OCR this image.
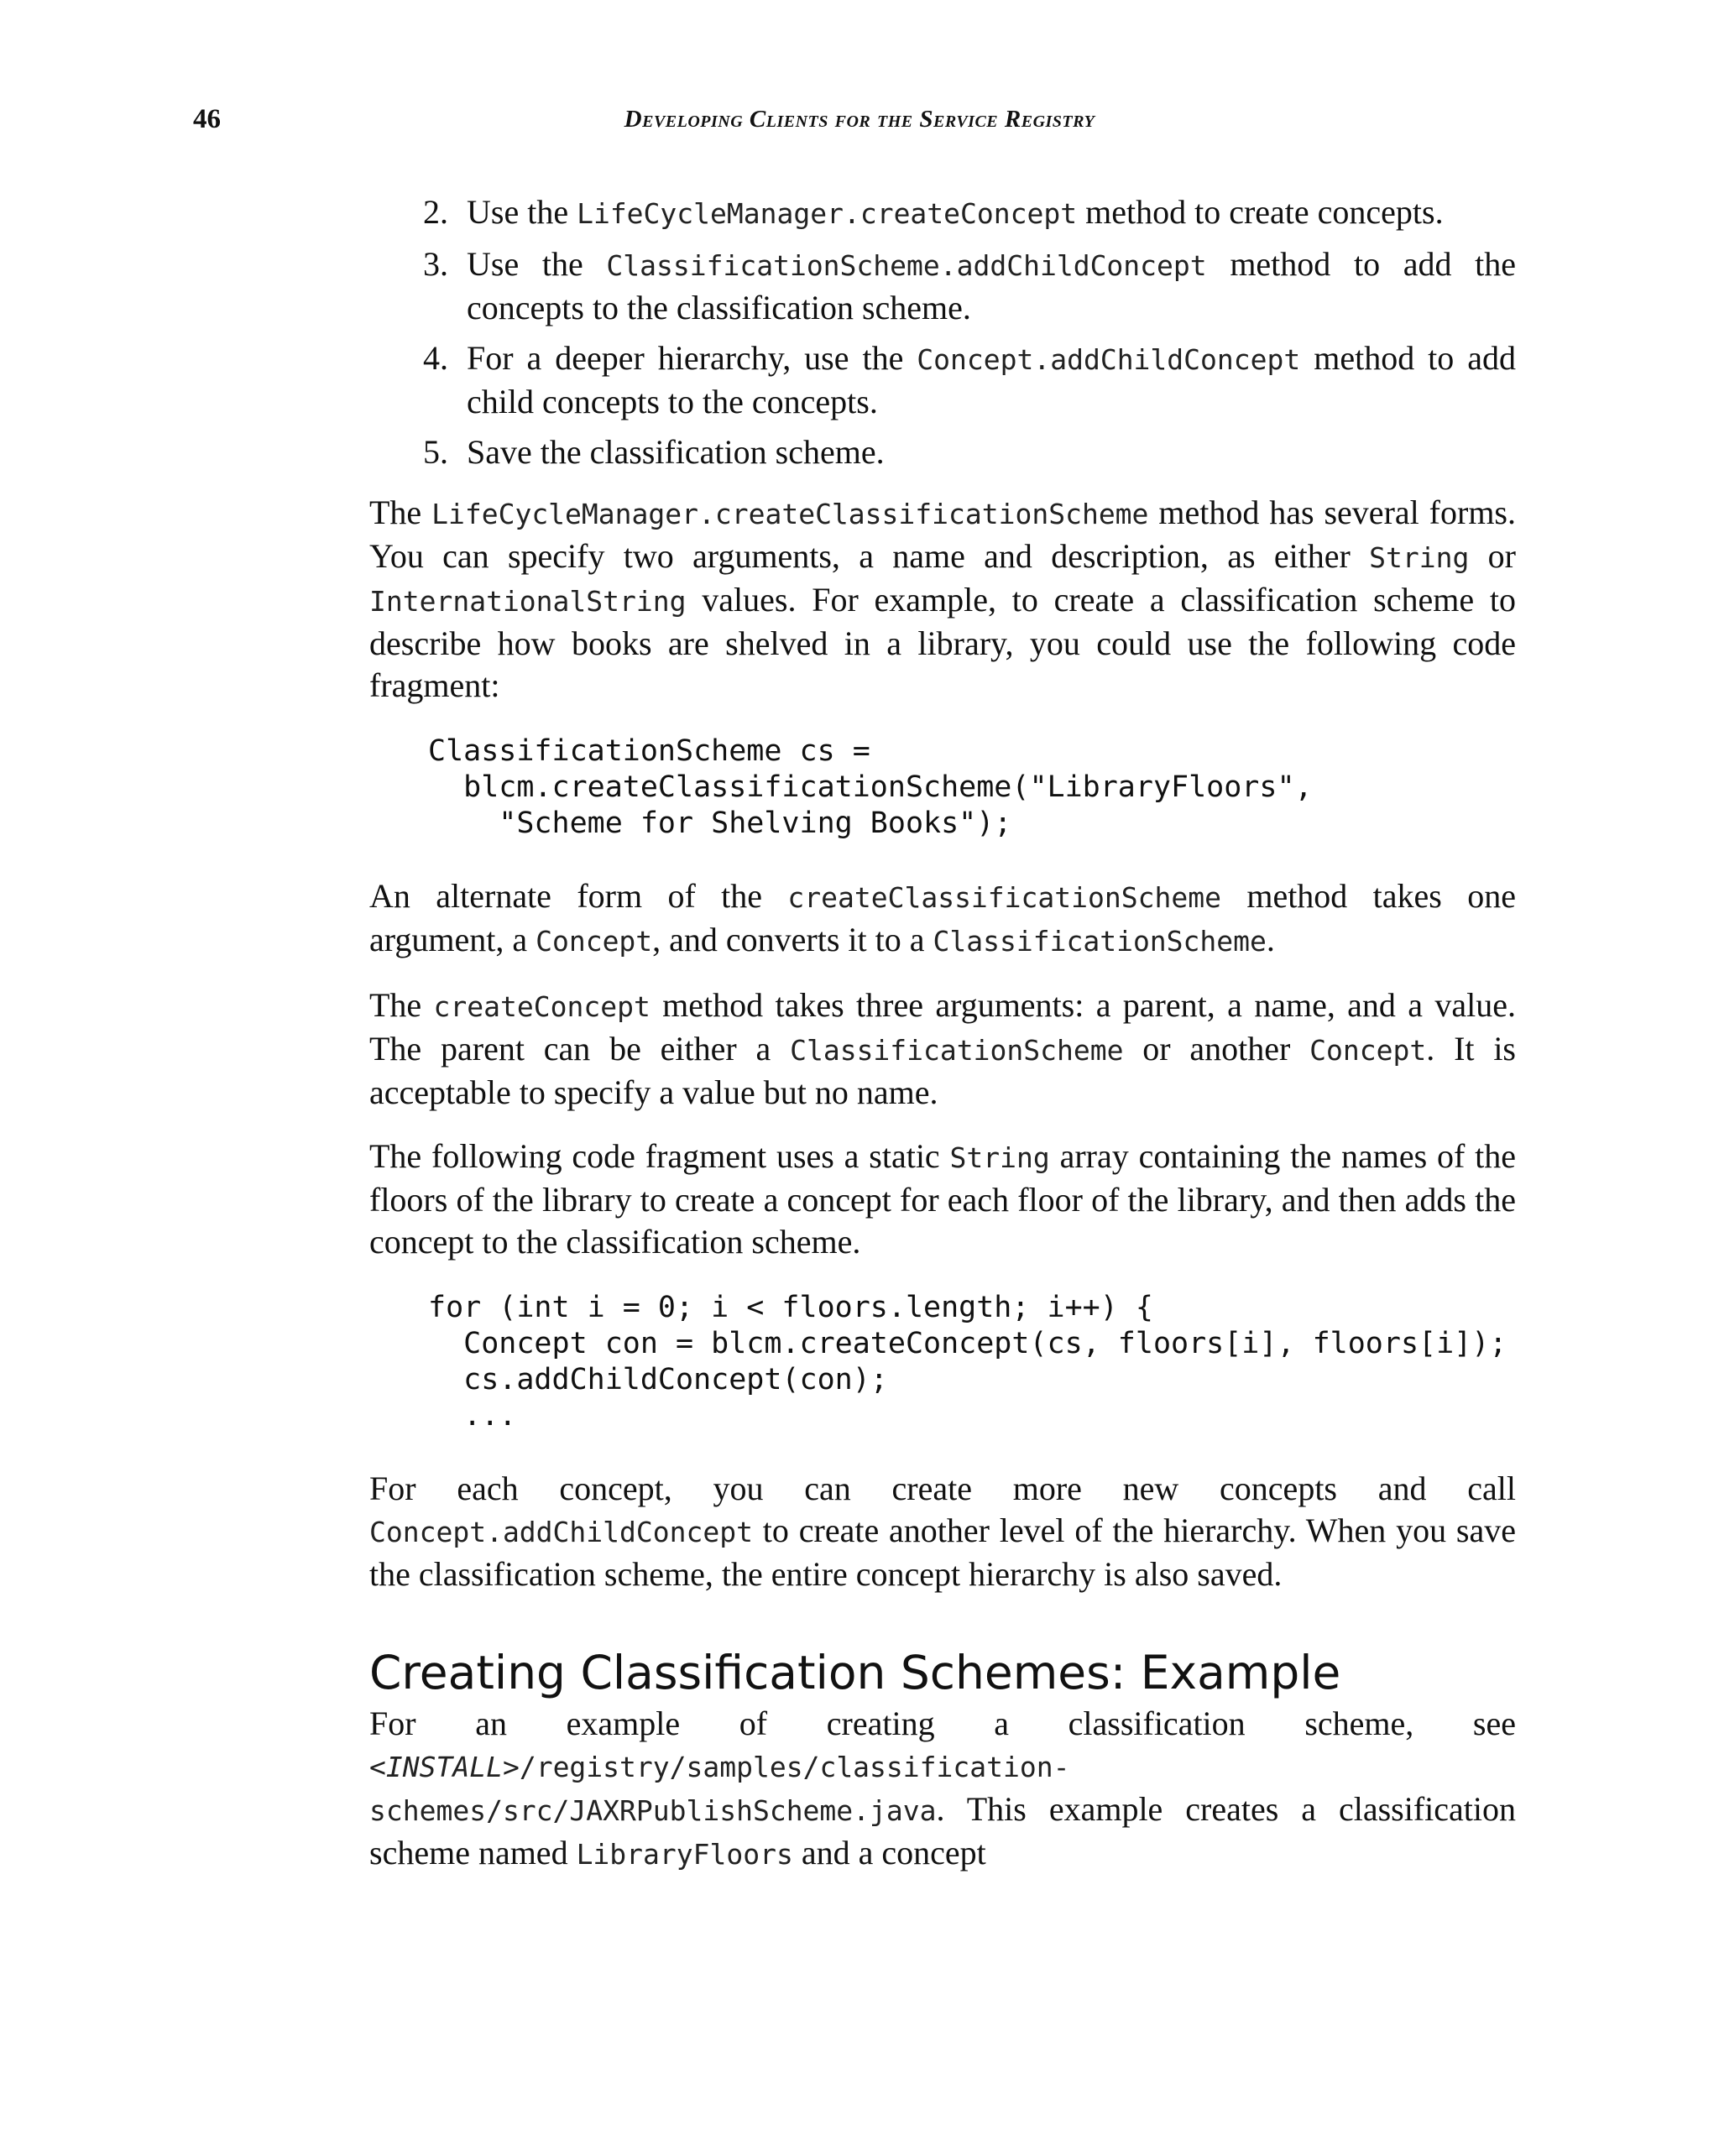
46	Developing Clients for the Service Registry
2. Use the LifeCycleManager.createConcept method to create concepts.
3. Use the ClassificationScheme.addChildConcept method to add the concepts to the classification scheme.
4. For a deeper hierarchy, use the Concept.addChildConcept method to add child concepts to the concepts.
5. Save the classification scheme.

The LifeCycleManager.createClassificationScheme method has several forms. You can specify two arguments, a name and description, as either String or InternationalString values. For example, to create a classification scheme to describe how books are shelved in a library, you could use the following code fragment:

ClassificationScheme cs =
blcm.createClassificationScheme("LibraryFloors",
"Scheme for Shelving Books");

An alternate form of the createClassificationScheme method takes one argument, a Concept, and converts it to a ClassificationScheme.

The createConcept method takes three arguments: a parent, a name, and a value. The parent can be either a ClassificationScheme or another Concept. It is acceptable to specify a value but no name.

The following code fragment uses a static String array containing the names of the floors of the library to create a concept for each floor of the library, and then adds the concept to the classification scheme.

for (int i = 0; i < floors.length; i++) {
Concept con = blcm.createConcept(cs, floors[i], floors[i]);
cs.addChildConcept(con);
...

For each concept, you can create more new concepts and call Concept.addChildConcept to create another level of the hierarchy. When you save the classification scheme, the entire concept hierarchy is also saved.

Creating Classification Schemes: Example

For an example of creating a classification scheme, see <INSTALL>/registry/samples/classification-schemes/src/JAXRPublishScheme.java. This example creates a classification scheme named LibraryFloors and a concept
